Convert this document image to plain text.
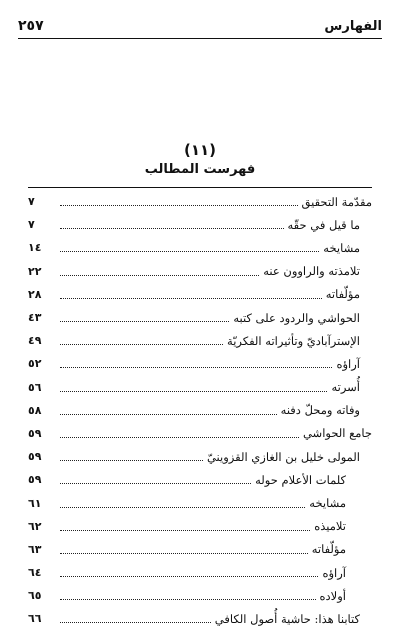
٢٥٧	الفهارس
(١١)
فهرست المطالب
مقدّمة التحقيق
٧
ما قيل في حقّه
٧
مشايخه
١٤
تلامذته والراوون عنه
٢٢
مؤلّفاته
٢٨
الحواشي والردود على كتبه
٤٣
الإسترآباديّ وتأثيراته الفكريّة
٤٩
آراؤه
٥٢
أُسرته
٥٦
وفاته ومحلّ دفنه
٥٨
جامع الحواشي
٥٩
المولى خليل بن الغازي القزوينيّ
٥٩
كلمات الأعلام حوله
٥٩
مشايخه
٦١
تلاميذه
٦٢
مؤلّفاته
٦٣
آراؤه
٦٤
أولاده
٦٥
كتابنا هذا: حاشية أُصول الكافي
٦٦
